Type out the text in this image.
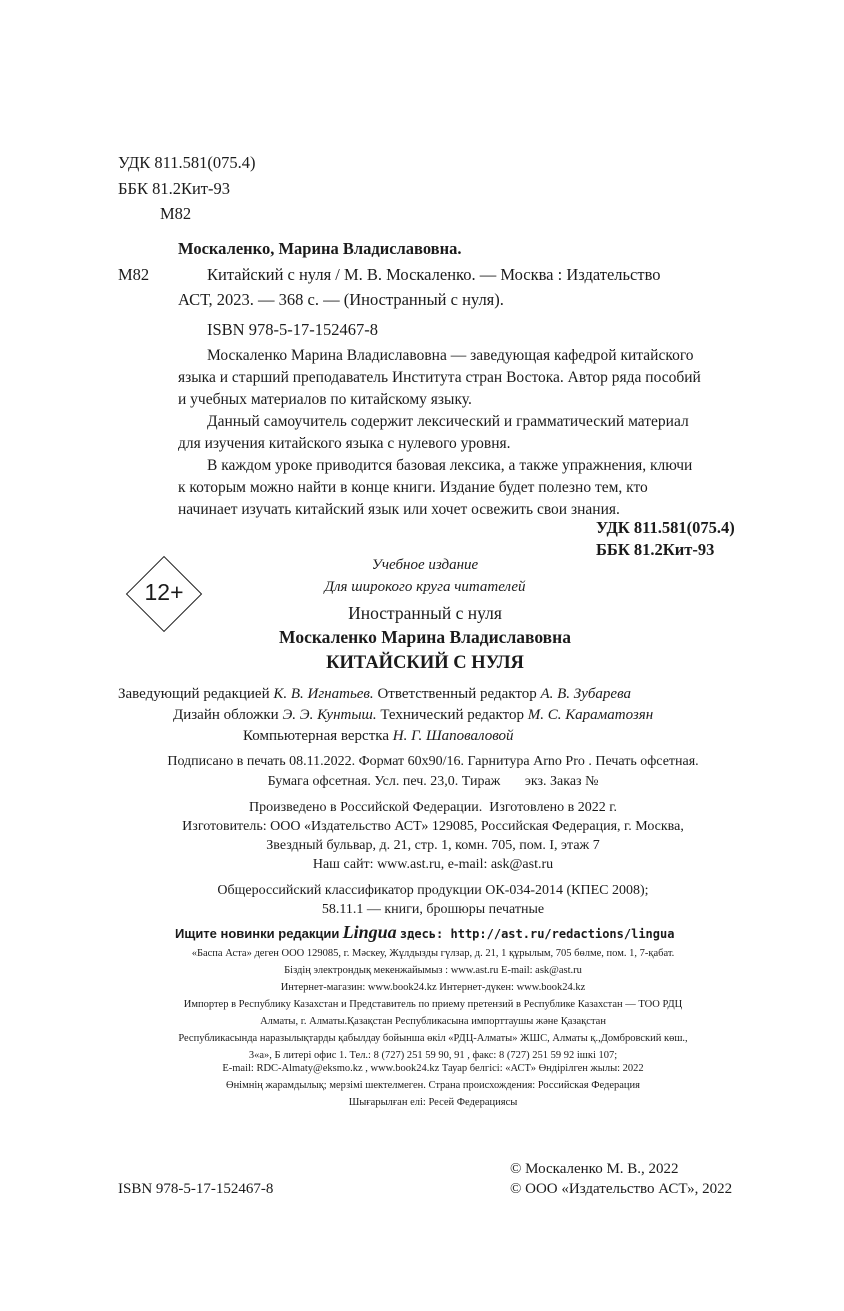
УДК 811.581(075.4)
ББК 81.2Кит-93
М82
Москаленко, Марина Владиславовна.
М82	Китайский с нуля / М. В. Москаленко. — Москва : Издательство
АСТ, 2023. — 368 с. — (Иностранный с нуля).
ISBN 978-5-17-152467-8
Москаленко Марина Владиславовна — заведующая кафедрой китайского
языка и старший преподаватель Института стран Востока. Автор ряда пособий
и учебных материалов по китайскому языку.
Данный самоучитель содержит лексический и грамматический материал
для изучения китайского языка с нулевого уровня.
В каждом уроке приводится базовая лексика, а также упражнения, ключи
к которым можно найти в конце книги. Издание будет полезно тем, кто
начинает изучать китайский язык или хочет освежить свои знания.
УДК 811.581(075.4)
ББК 81.2Кит-93
12+
Учебное издание
Для широкого круга читателей
Иностранный с нуля
Москаленко Марина Владиславовна
КИТАЙСКИЙ С НУЛЯ
Заведующий редакцией К. В. Игнатьев. Ответственный редактор А. В. Зубарева
Дизайн обложки Э. Э. Кунтыш. Технический редактор М. С. Караматозян
Компьютерная верстка Н. Г. Шаповаловой
Подписано в печать 08.11.2022. Формат 60х90/16. Гарнитура Arno Pro . Печать офсетная.
Бумага офсетная. Усл. печ. 23,0. Тираж       экз. Заказ №
Произведено в Российской Федерации.  Изготовлено в 2022 г.
Изготовитель: ООО «Издательство АСТ» 129085, Российская Федерация, г. Москва,
Звездный бульвар, д. 21, стр. 1, комн. 705, пом. I, этаж 7
Наш сайт: www.ast.ru, e-mail: ask@ast.ru
Общероссийский классификатор продукции ОК-034-2014 (КПЕС 2008);
58.11.1 — книги, брошюры печатные
Ищите новинки редакции Lingua здесь: http://ast.ru/redactions/lingua
«Баспа Аста» деген ООО 129085, г. Мәскеу, Жұлдызды гүлзар, д. 21, 1 құрылым, 705 бөлме, пом. 1, 7-қабат.
Біздің электрондық мекенжайымыз : www.ast.ru E-mail: ask@ast.ru
Интернет-магазин: www.book24.kz Интернет-дүкен: www.book24.kz
Импортер в Республику Казахстан и Представитель по приему претензий в Республике Казахстан — ТОО РДЦ
Алматы, г. Алматы.Қазақстан Республикасына импорттаушы және Қазақстан
Республикасында наразылықтарды қабылдау бойынша өкіл «РДЦ-Алматы» ЖШС, Алматы қ.,Домбровский көш.,
3«а», Б литері офис 1. Тел.: 8 (727) 251 59 90, 91 , факс: 8 (727) 251 59 92 ішкі 107;
E-mail: RDC-Almaty@eksmo.kz , www.book24.kz Тауар белгісі: «АСТ» Өндірілген жылы: 2022
Өнімнің жарамдылық; мерзімі шектелмеген. Страна происхождения: Российская Федерация
Шығарылған елі: Ресей Федерациясы
© Москаленко М. В., 2022
ISBN 978-5-17-152467-8	© ООО «Издательство АСТ», 2022
